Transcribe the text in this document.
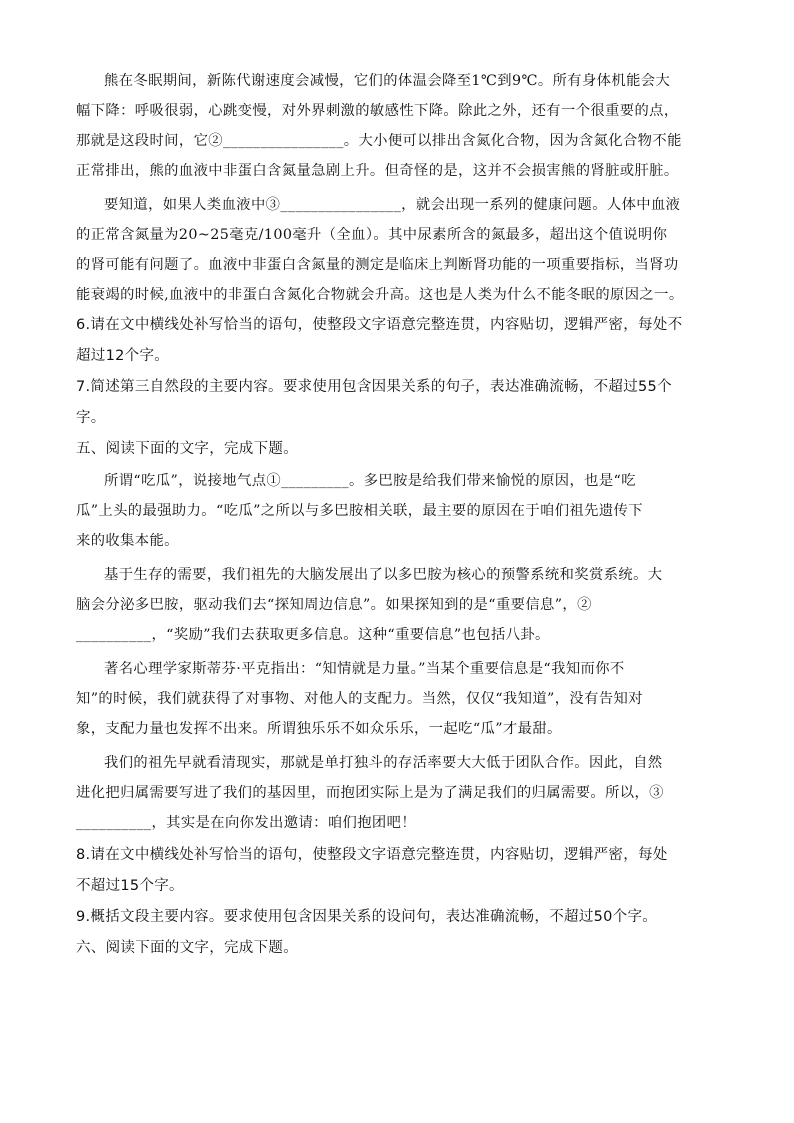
熊在冬眠期间，新陈代谢速度会减慢，它们的体温会降至1℃到9℃。所有身体机能会大
幅下降：呼吸很弱，心跳变慢，对外界刺激的敏感性下降。除此之外，还有一个很重要的点，
那就是这段时间，它②________________。大小便可以排出含氮化合物，因为含氮化合物不能
正常排出，熊的血液中非蛋白含氮量急剧上升。但奇怪的是，这并不会损害熊的肾脏或肝脏。
要知道，如果人类血液中③________________，就会出现一系列的健康问题。人体中血液
的正常含氮量为20~25毫克/100毫升（全血）。其中尿素所含的氮最多，超出这个值说明你
的肾可能有问题了。血液中非蛋白含氮量的测定是临床上判断肾功能的一项重要指标，当肾功
能衰竭的时候,血液中的非蛋白含氮化合物就会升高。这也是人类为什么不能冬眠的原因之一。
6.请在文中横线处补写恰当的语句，使整段文字语意完整连贯，内容贴切，逻辑严密，每处不
超过12个字。
7.简述第三自然段的主要内容。要求使用包含因果关系的句子，表达准确流畅，不超过55个
字。
五、阅读下面的文字，完成下题。
所谓“吃瓜”，说接地气点①_________。多巴胺是给我们带来愉悦的原因，也是“吃
瓜”上头的最强助力。“吃瓜”之所以与多巴胺相关联，最主要的原因在于咱们祖先遗传下
来的收集本能。
基于生存的需要，我们祖先的大脑发展出了以多巴胺为核心的预警系统和奖赏系统。大
脑会分泌多巴胺，驱动我们去“探知周边信息”。如果探知到的是“重要信息”，②
__________，“奖励”我们去获取更多信息。这种“重要信息”也包括八卦。
著名心理学家斯蒂芬·平克指出：“知情就是力量。”当某个重要信息是“我知而你不
知”的时候，我们就获得了对事物、对他人的支配力。当然，仅仅“我知道”，没有告知对
象，支配力量也发挥不出来。所谓独乐乐不如众乐乐，一起吃“瓜”才最甜。
我们的祖先早就看清现实，那就是单打独斗的存活率要大大低于团队合作。因此，自然
进化把归属需要写进了我们的基因里，而抱团实际上是为了满足我们的归属需要。所以，③
__________，其实是在向你发出邀请：咱们抱团吧！
8.请在文中横线处补写恰当的语句，使整段文字语意完整连贯，内容贴切，逻辑严密，每处
不超过15个字。
9.概括文段主要内容。要求使用包含因果关系的设问句，表达准确流畅，不超过50个字。
六、阅读下面的文字，完成下题。
